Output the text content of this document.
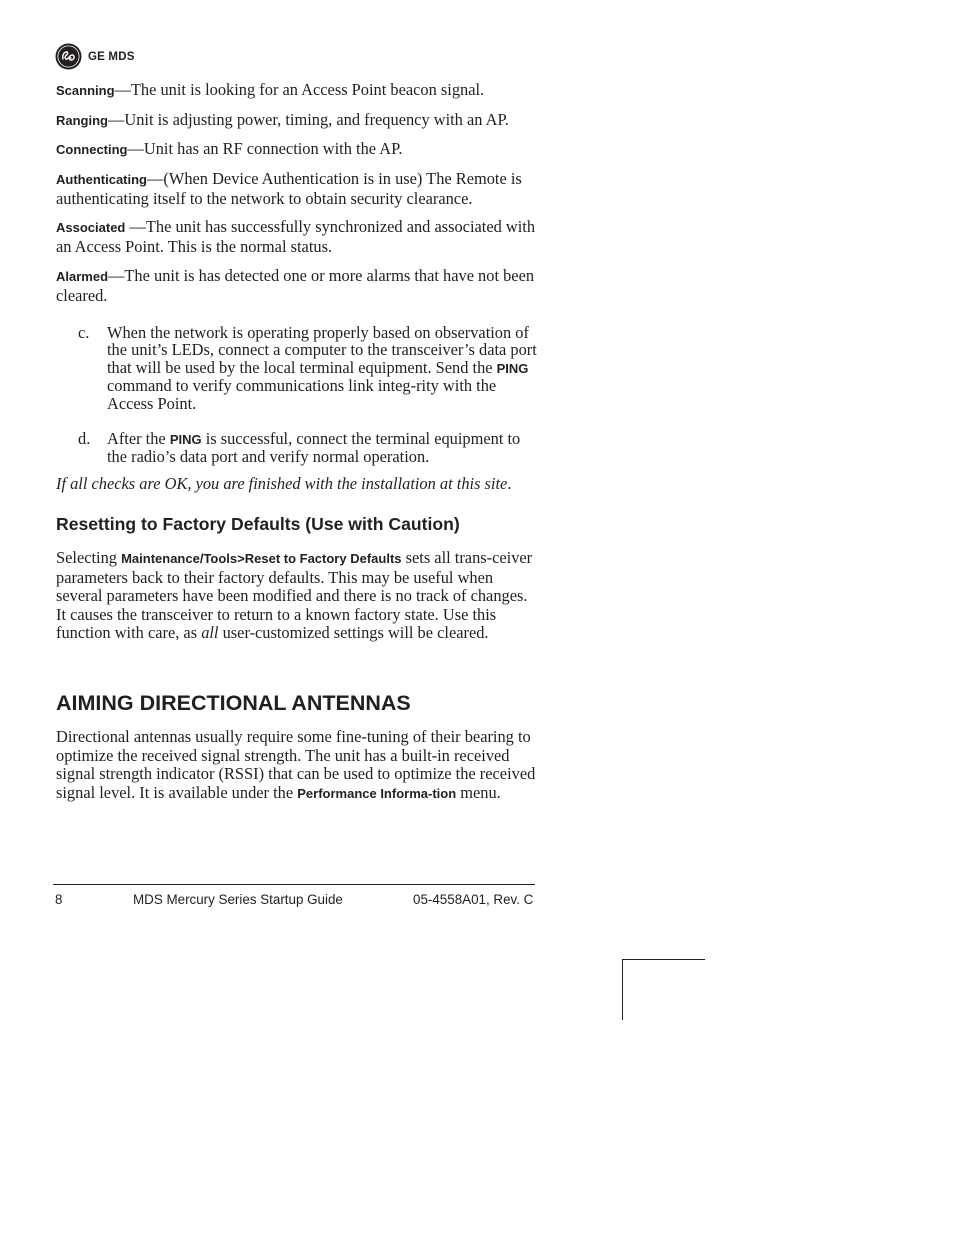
GE MDS

Scanning—The unit is looking for an Access Point beacon signal.

Ranging—Unit is adjusting power, timing, and frequency with an AP.

Connecting—Unit has an RF connection with the AP.

Authenticating—(When Device Authentication is in use) The Remote is authenticating itself to the network to obtain security clearance.

Associated —The unit has successfully synchronized and associated with an Access Point. This is the normal status.

Alarmed—The unit is has detected one or more alarms that have not been cleared.

c. When the network is operating properly based on observation of the unit’s LEDs, connect a computer to the transceiver’s data port that will be used by the local terminal equipment. Send the PING command to verify communications link integ-rity with the Access Point.
d. After the PING is successful, connect the terminal equipment to the radio’s data port and verify normal operation.

If all checks are OK, you are finished with the installation at this site.

Resetting to Factory Defaults (Use with Caution)

Selecting Maintenance/Tools>Reset to Factory Defaults sets all trans-ceiver parameters back to their factory defaults. This may be useful when several parameters have been modified and there is no track of changes. It causes the transceiver to return to a known factory state. Use this function with care, as all user-customized settings will be cleared.

AIMING DIRECTIONAL ANTENNAS

Directional antennas usually require some fine-tuning of their bearing to optimize the received signal strength. The unit has a built-in received signal strength indicator (RSSI) that can be used to optimize the received signal level. It is available under the Performance Informa-tion menu.

8	MDS Mercury Series Startup Guide	05-4558A01, Rev. C
